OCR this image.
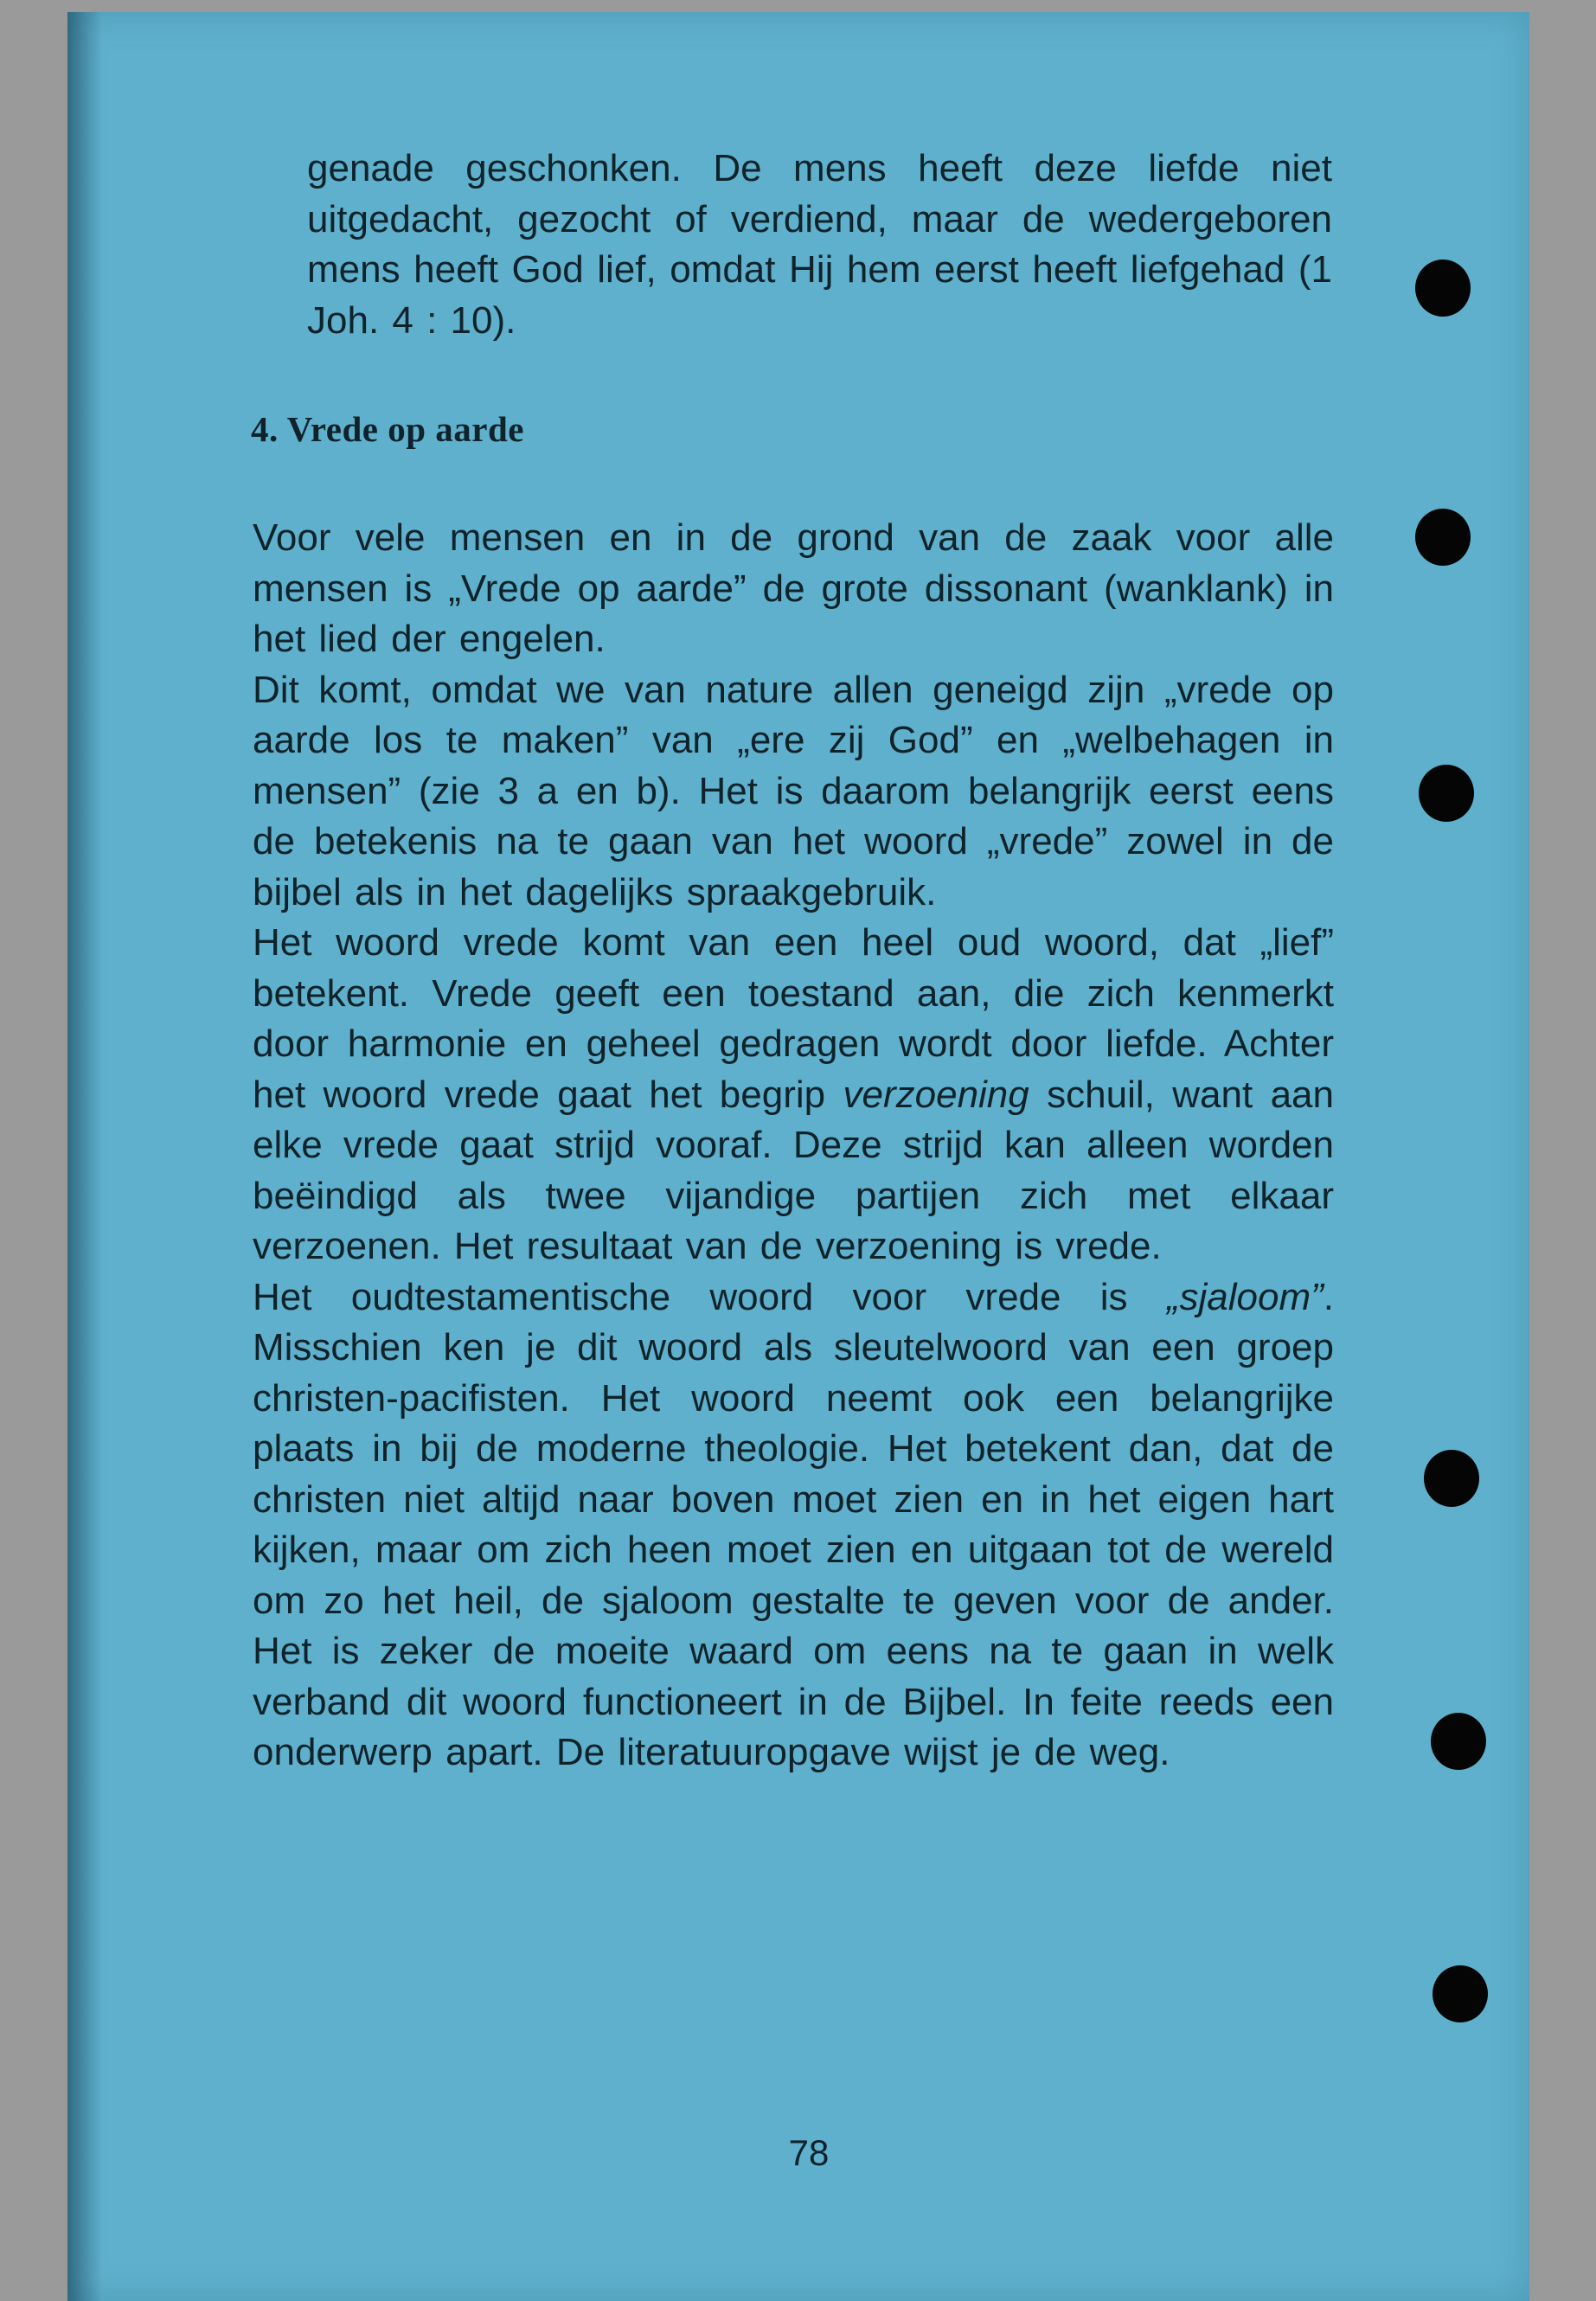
genade geschonken. De mens heeft deze liefde niet uitgedacht, gezocht of verdiend, maar de wedergeboren mens heeft God lief, omdat Hij hem eerst heeft liefgehad (1 Joh. 4 : 10).
4. Vrede op aarde

Voor vele mensen en in de grond van de zaak voor alle mensen is „Vrede op aarde” de grote dissonant (wanklank) in het lied der engelen.

Dit komt, omdat we van nature allen geneigd zijn „vrede op aarde los te maken” van „ere zij God” en „welbehagen in mensen” (zie 3 a en b). Het is daarom belangrijk eerst eens de betekenis na te gaan van het woord „vrede” zowel in de bijbel als in het dagelijks spraakgebruik.

Het woord vrede komt van een heel oud woord, dat „lief” betekent. Vrede geeft een toestand aan, die zich kenmerkt door harmonie en geheel gedragen wordt door liefde. Achter het woord vrede gaat het begrip verzoening schuil, want aan elke vrede gaat strijd vooraf. Deze strijd kan alleen worden beëindigd als twee vijandige partijen zich met elkaar verzoenen. Het resultaat van de verzoening is vrede.

Het oudtestamentische woord voor vrede is „sjaloom”. Misschien ken je dit woord als sleutelwoord van een groep christen-pacifisten. Het woord neemt ook een belangrijke plaats in bij de moderne theologie. Het betekent dan, dat de christen niet altijd naar boven moet zien en in het eigen hart kijken, maar om zich heen moet zien en uitgaan tot de wereld om zo het heil, de sjaloom gestalte te geven voor de ander. Het is zeker de moeite waard om eens na te gaan in welk verband dit woord functioneert in de Bijbel. In feite reeds een onderwerp apart. De literatuuropgave wijst je de weg.

78
